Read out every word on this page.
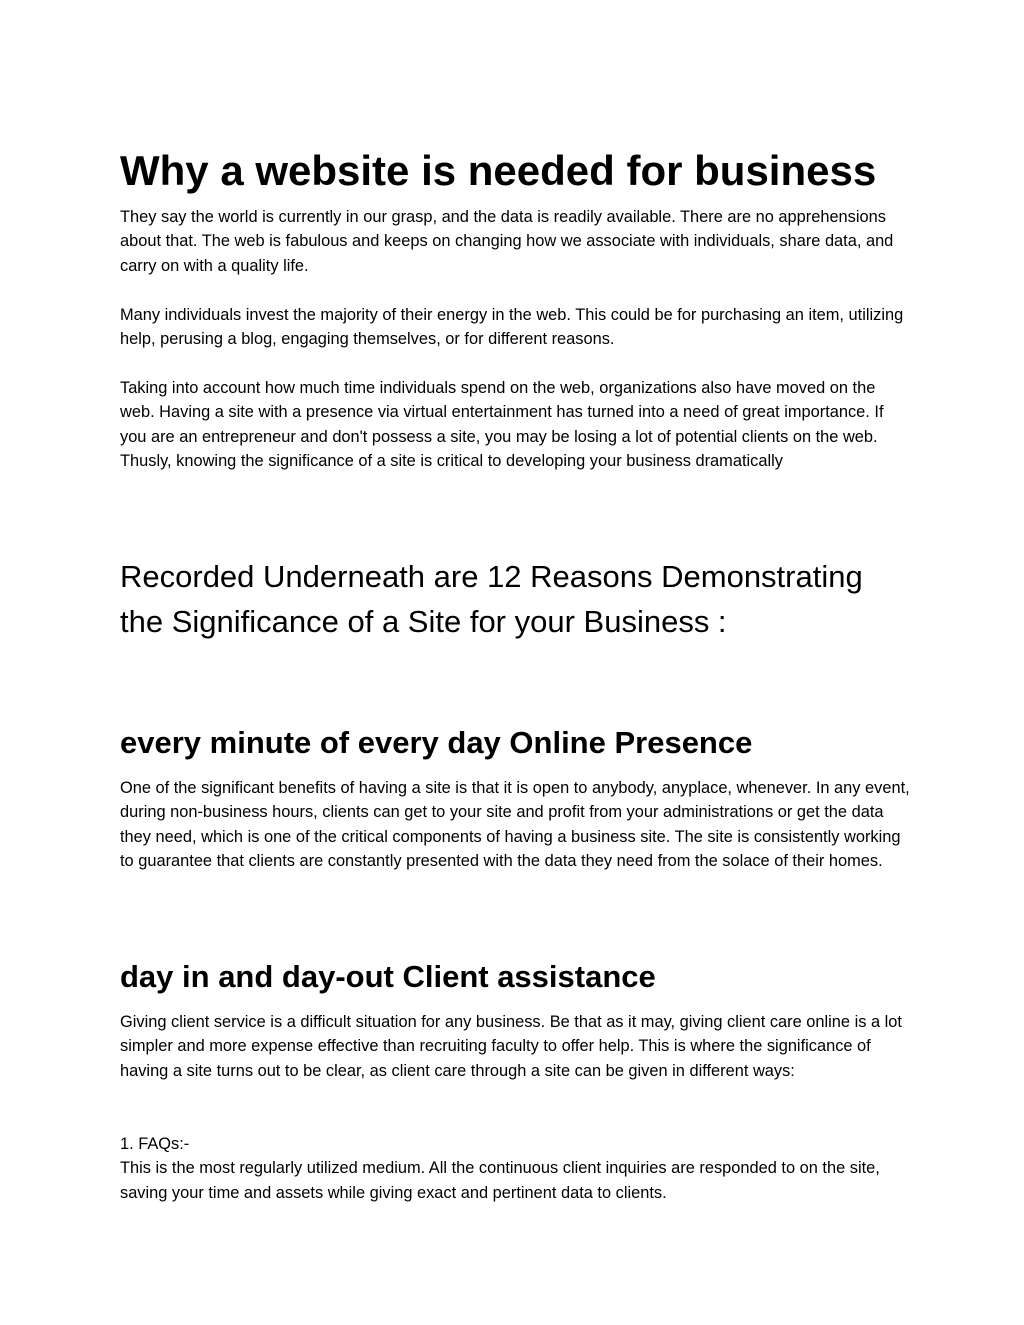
Why a website is needed for business

They say the world is currently in our grasp, and the data is readily available. There are no apprehensions about that. The web is fabulous and keeps on changing how we associate with individuals, share data, and carry on with a quality life.

Many individuals invest the majority of their energy in the web. This could be for purchasing an item, utilizing help, perusing a blog, engaging themselves, or for different reasons.

Taking into account how much time individuals spend on the web, organizations also have moved on the web. Having a site with a presence via virtual entertainment has turned into a need of great importance. If you are an entrepreneur and don't possess a site, you may be losing a lot of potential clients on the web. Thusly, knowing the significance of a site is critical to developing your business dramatically

Recorded Underneath are 12 Reasons Demonstrating the Significance of a Site for your Business :
every minute of every day Online Presence

One of the significant benefits of having a site is that it is open to anybody, anyplace, whenever. In any event, during non-business hours, clients can get to your site and profit from your administrations or get the data they need, which is one of the critical components of having a business site. The site is consistently working to guarantee that clients are constantly presented with the data they need from the solace of their homes.

day in and day-out Client assistance

Giving client service is a difficult situation for any business. Be that as it may, giving client care online is a lot simpler and more expense effective than recruiting faculty to offer help. This is where the significance of having a site turns out to be clear, as client care through a site can be given in different ways:

1. FAQs:-
This is the most regularly utilized medium. All the continuous client inquiries are responded to on the site, saving your time and assets while giving exact and pertinent data to clients.
